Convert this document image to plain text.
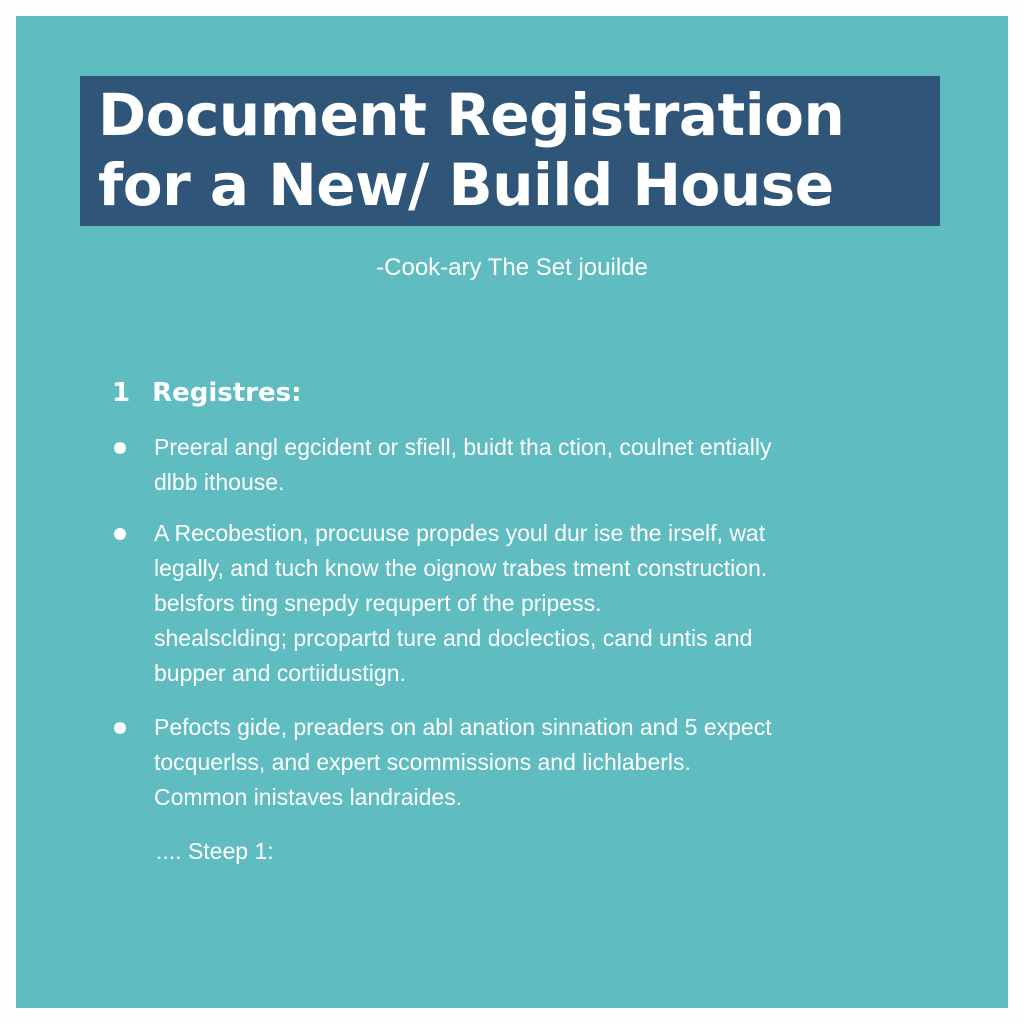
Document Registration
for a New/ Build House
-Cook-ary The Set jouilde
1 Registres:
Preeral angl egcident or sfiell, buidt tha ction, coulnet entially
dlbb ithouse.
A Recobestion, procuuse propdes youl dur ise the irself, wat
legally, and tuch know the oignow trabes tment construction.
belsfors ting snepdy requpert of the pripess.
shealsclding; prcopartd ture and doclectios, cand untis and
bupper and cortiidustign.
Pefocts gide, preaders on abl anation sinnation and 5 expect
tocquerlss, and expert scommissions and lichlaberls.
Common inistaves landraides.
.... Steep 1:
